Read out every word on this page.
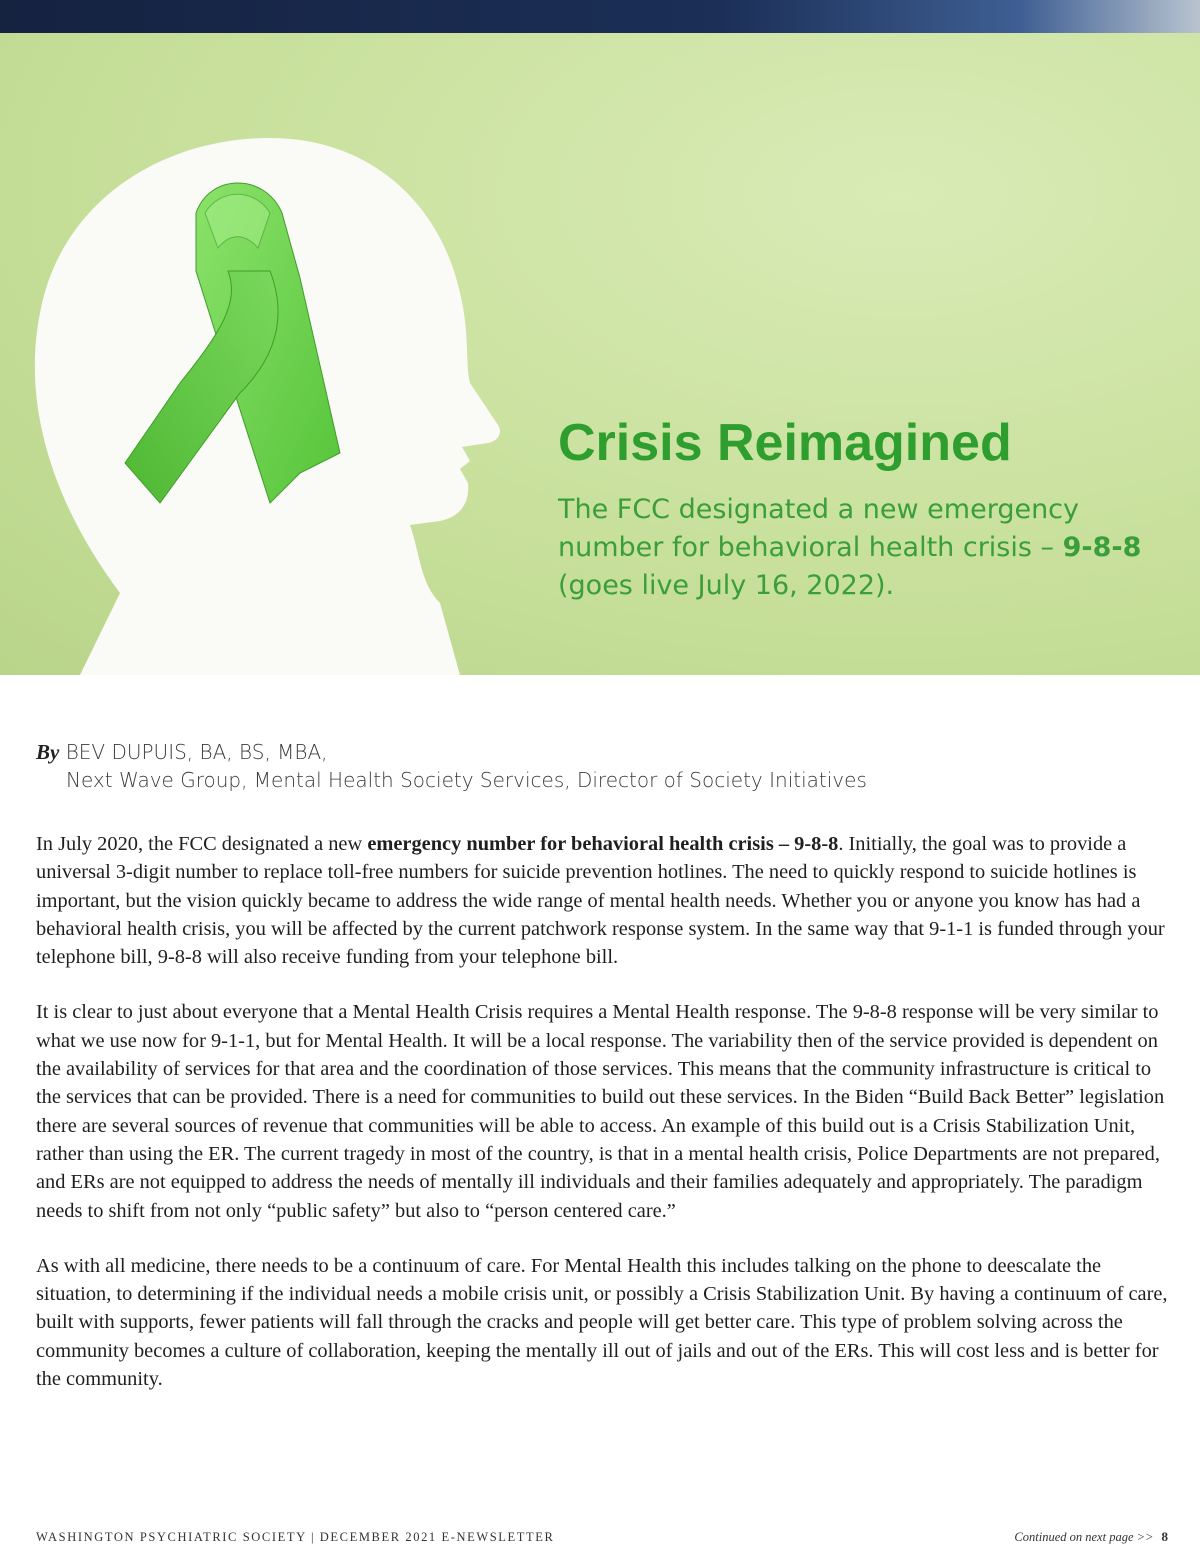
Crisis Reimagined
The FCC designated a new emergency number for behavioral health crisis – 9-8-8 (goes live July 16, 2022).
By BEV DUPUIS, BA, BS, MBA,
Next Wave Group, Mental Health Society Services, Director of Society Initiatives

In July 2020, the FCC designated a new emergency number for behavioral health crisis – 9-8-8. Initially, the goal was to provide a universal 3-digit number to replace toll-free numbers for suicide prevention hotlines. The need to quickly respond to suicide hotlines is important, but the vision quickly became to address the wide range of mental health needs. Whether you or anyone you know has had a behavioral health crisis, you will be affected by the current patchwork response system. In the same way that 9-1-1 is funded through your telephone bill, 9-8-8 will also receive funding from your telephone bill.

It is clear to just about everyone that a Mental Health Crisis requires a Mental Health response. The 9-8-8 response will be very similar to what we use now for 9-1-1, but for Mental Health. It will be a local response. The variability then of the service provided is dependent on the availability of services for that area and the coordination of those services. This means that the community infrastructure is critical to the services that can be provided. There is a need for communities to build out these services. In the Biden “Build Back Better” legislation there are several sources of revenue that communities will be able to access. An example of this build out is a Crisis Stabilization Unit, rather than using the ER. The current tragedy in most of the country, is that in a mental health crisis, Police Departments are not prepared, and ERs are not equipped to address the needs of mentally ill individuals and their families adequately and appropriately. The paradigm needs to shift from not only “public safety” but also to “person centered care.”

As with all medicine, there needs to be a continuum of care. For Mental Health this includes talking on the phone to deescalate the situation, to determining if the individual needs a mobile crisis unit, or possibly a Crisis Stabilization Unit. By having a continuum of care, built with supports, fewer patients will fall through the cracks and people will get better care. This type of problem solving across the community becomes a culture of collaboration, keeping the mentally ill out of jails and out of the ERs. This will cost less and is better for the community.

WASHINGTON PSYCHIATRIC SOCIETY | DECEMBER 2021 E-NEWSLETTER	Continued on next page >> 8
